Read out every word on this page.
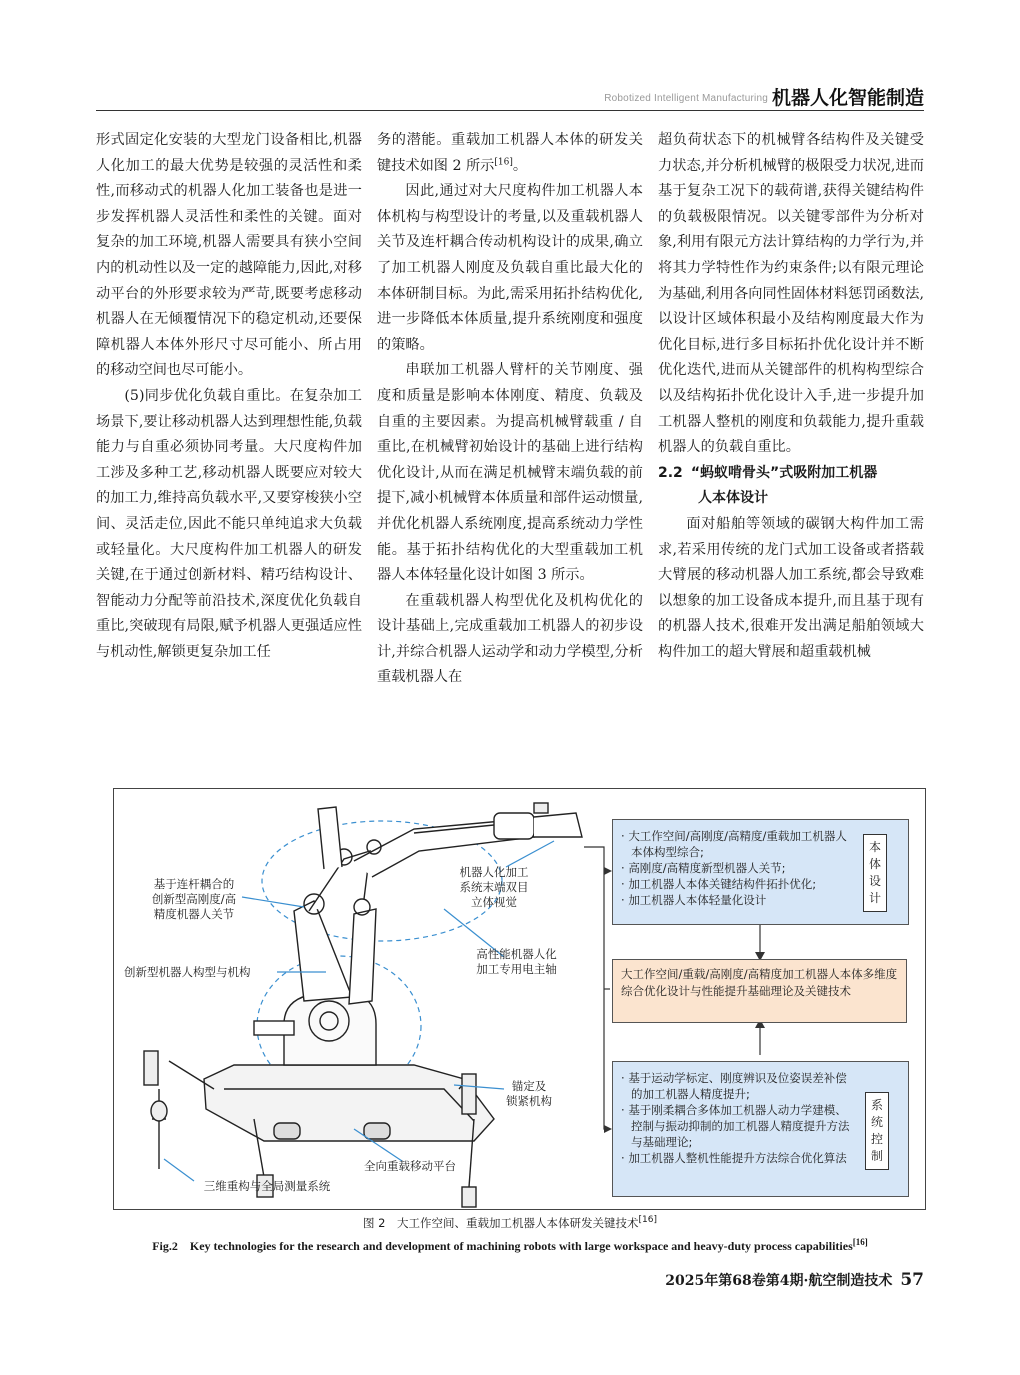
Robotized Intelligent Manufacturing 机器人化智能制造

形式固定化安装的大型龙门设备相比,机器人化加工的最大优势是较强的灵活性和柔性,而移动式的机器人化加工装备也是进一步发挥机器人灵活性和柔性的关键。面对复杂的加工环境,机器人需要具有狭小空间内的机动性以及一定的越障能力,因此,对移动平台的外形要求较为严苛,既要考虑移动机器人在无倾覆情况下的稳定机动,还要保障机器人本体外形尺寸尽可能小、所占用的移动空间也尽可能小。

(5)同步优化负载自重比。在复杂加工场景下,要让移动机器人达到理想性能,负载能力与自重必须协同考量。大尺度构件加工涉及多种工艺,移动机器人既要应对较大的加工力,维持高负载水平,又要穿梭狭小空间、灵活走位,因此不能只单纯追求大负载或轻量化。大尺度构件加工机器人的研发关键,在于通过创新材料、精巧结构设计、智能动力分配等前沿技术,深度优化负载自重比,突破现有局限,赋予机器人更强适应性与机动性,解锁更复杂加工任

务的潜能。重载加工机器人本体的研发关键技术如图 2 所示[16]。

因此,通过对大尺度构件加工机器人本体机构与构型设计的考量,以及重载机器人关节及连杆耦合传动机构设计的成果,确立了加工机器人刚度及负载自重比最大化的本体研制目标。为此,需采用拓扑结构优化,进一步降低本体质量,提升系统刚度和强度的策略。

串联加工机器人臂杆的关节刚度、强度和质量是影响本体刚度、精度、负载及自重的主要因素。为提高机械臂载重 / 自重比,在机械臂初始设计的基础上进行结构优化设计,从而在满足机械臂末端负载的前提下,减小机械臂本体质量和部件运动惯量,并优化机器人系统刚度,提高系统动力学性能。基于拓扑结构优化的大型重载加工机器人本体轻量化设计如图 3 所示。

在重载机器人构型优化及机构优化的设计基础上,完成重载加工机器人的初步设计,并综合机器人运动学和动力学模型,分析重载机器人在

超负荷状态下的机械臂各结构件及关键受力状态,并分析机械臂的极限受力状况,进而基于复杂工况下的载荷谱,获得关键结构件的负载极限情况。以关键零部件为分析对象,利用有限元方法计算结构的力学行为,并将其力学特性作为约束条件;以有限元理论为基础,利用各向同性固体材料惩罚函数法,以设计区域体积最小及结构刚度最大作为优化目标,进行多目标拓扑优化设计并不断优化迭代,进而从关键部件的机构构型综合以及结构拓扑优化设计入手,进一步提升加工机器人整机的刚度和负载能力,提升重载机器人的负载自重比。

2.2 “蚂蚁啃骨头”式吸附加工机器
人本体设计

面对船舶等领域的碳钢大构件加工需求,若采用传统的龙门式加工设备或者搭载大臂展的移动机器人加工系统,都会导致难以想象的加工设备成本提升,而且基于现有的机器人技术,很难开发出满足船舶领域大构件加工的超大臂展和超重载机械

基于连杆耦合的
创新型高刚度/高
精度机器人关节
创新型机器人构型与机构
机器人化加工
系统末端双目
立体视觉
高性能机器人化
加工专用电主轴
锚定及
锁紧机构
全向重载移动平台
三维重构与全局测量系统
· 大工作空间/高刚度/高精度/重载加工机器人本体构型综合;
· 高刚度/高精度新型机器人关节;
· 加工机器人本体关键结构件拓扑优化;
· 加工机器人本体轻量化设计
本体设计
大工作空间/重载/高刚度/高精度加工机器人本体多维度综合优化设计与性能提升基础理论及关键技术
· 基于运动学标定、刚度辨识及位姿误差补偿的加工机器人精度提升;
· 基于刚柔耦合多体加工机器人动力学建模、控制与振动抑制的加工机器人精度提升方法与基础理论;
· 加工机器人整机性能提升方法综合优化算法
系统控制
图 2　大工作空间、重载加工机器人本体研发关键技术[16]
Fig.2　Key technologies for the research and development of machining robots with large workspace and heavy-duty process capabilities[16]
2025年第68卷第4期·航空制造技术 57
